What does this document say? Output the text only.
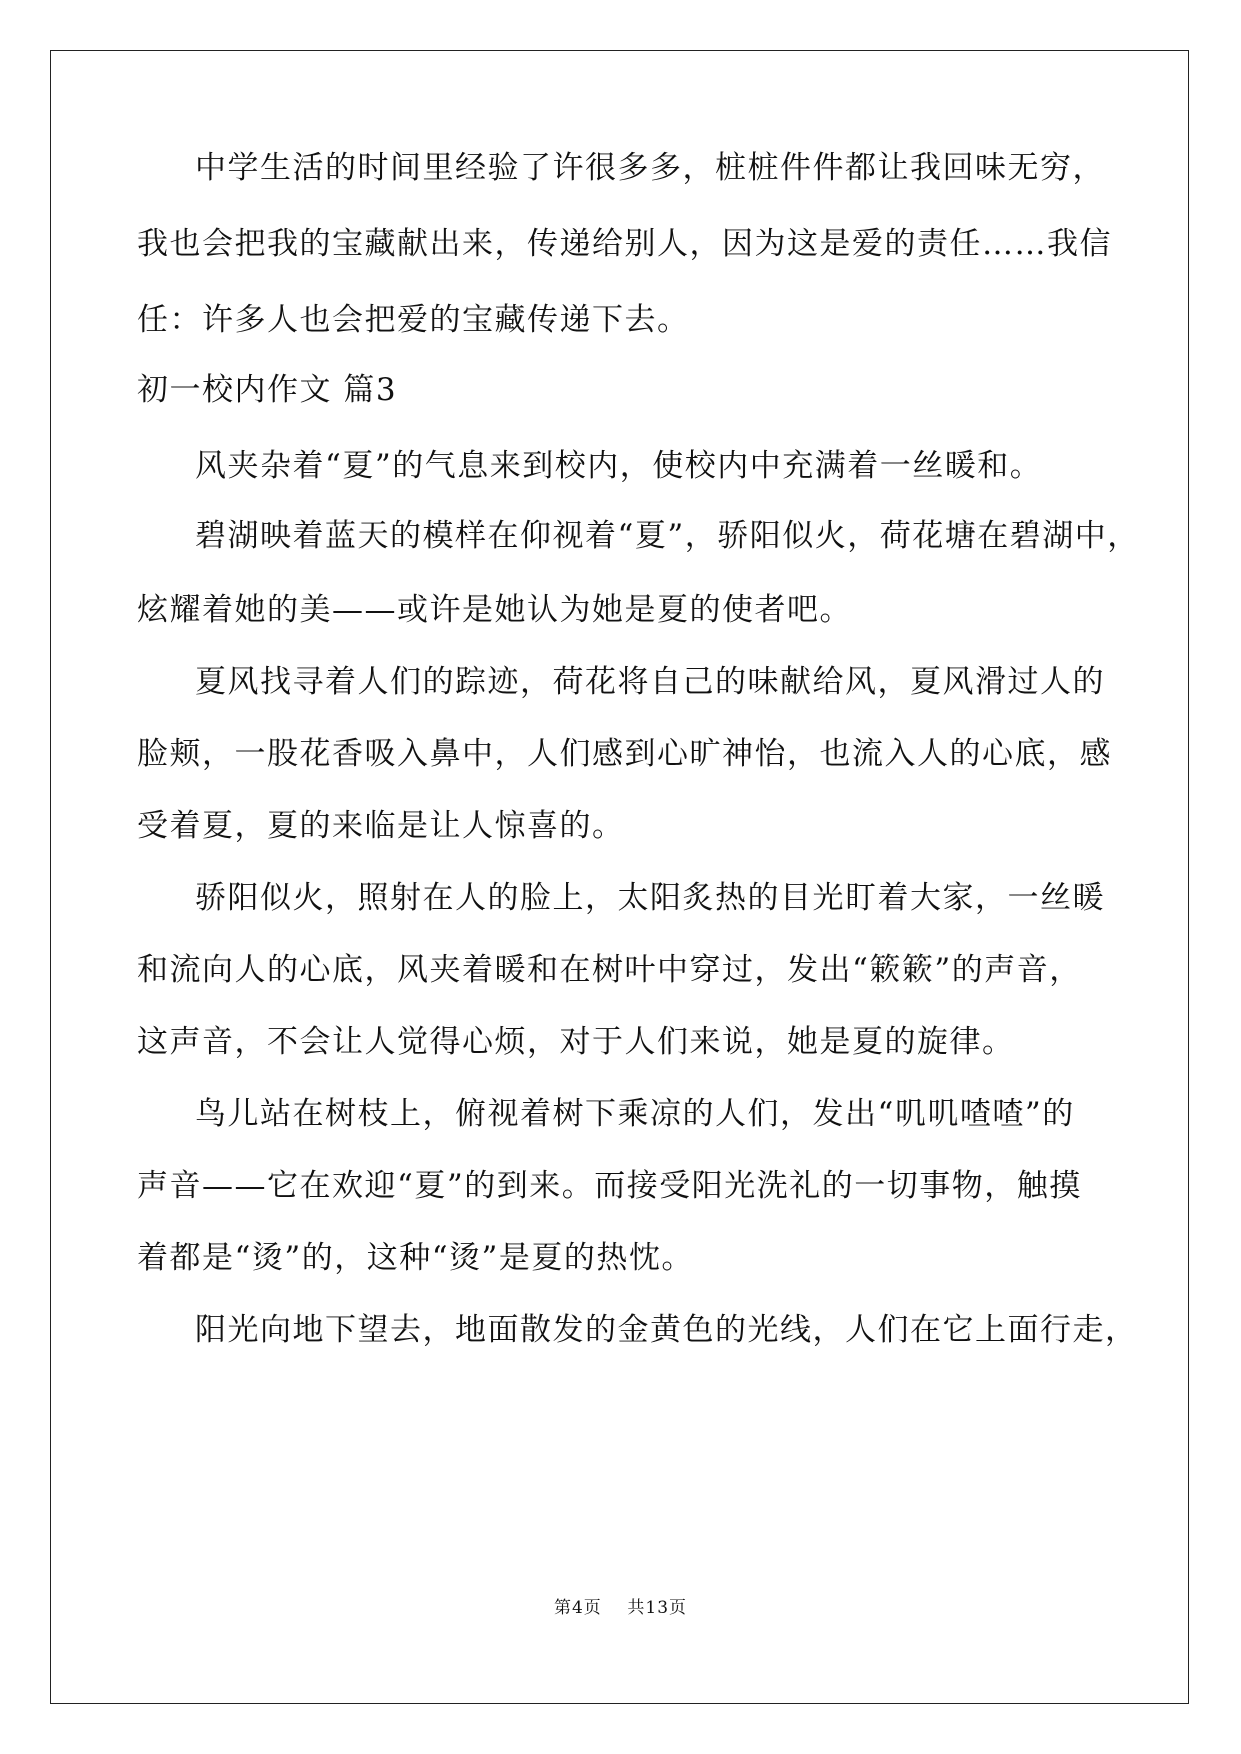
中学生活的时间里经验了许很多多，桩桩件件都让我回味无穷，
我也会把我的宝藏献出来，传递给别人，因为这是爱的责任……我信
任：许多人也会把爱的宝藏传递下去。
初一校内作文 篇3
风夹杂着“夏”的气息来到校内，使校内中充满着一丝暖和。
碧湖映着蓝天的模样在仰视着“夏”，骄阳似火，荷花塘在碧湖中，
炫耀着她的美——或许是她认为她是夏的使者吧。
夏风找寻着人们的踪迹，荷花将自己的味献给风，夏风滑过人的
脸颊，一股花香吸入鼻中，人们感到心旷神怡，也流入人的心底，感
受着夏，夏的来临是让人惊喜的。
骄阳似火，照射在人的脸上，太阳炙热的目光盯着大家，一丝暖
和流向人的心底，风夹着暖和在树叶中穿过，发出“簌簌”的声音，
这声音，不会让人觉得心烦，对于人们来说，她是夏的旋律。
鸟儿站在树枝上，俯视着树下乘凉的人们，发出“叽叽喳喳”的
声音——它在欢迎“夏”的到来。而接受阳光洗礼的一切事物，触摸
着都是“烫”的，这种“烫”是夏的热忱。
阳光向地下望去，地面散发的金黄色的光线，人们在它上面行走，
第4页    共13页
